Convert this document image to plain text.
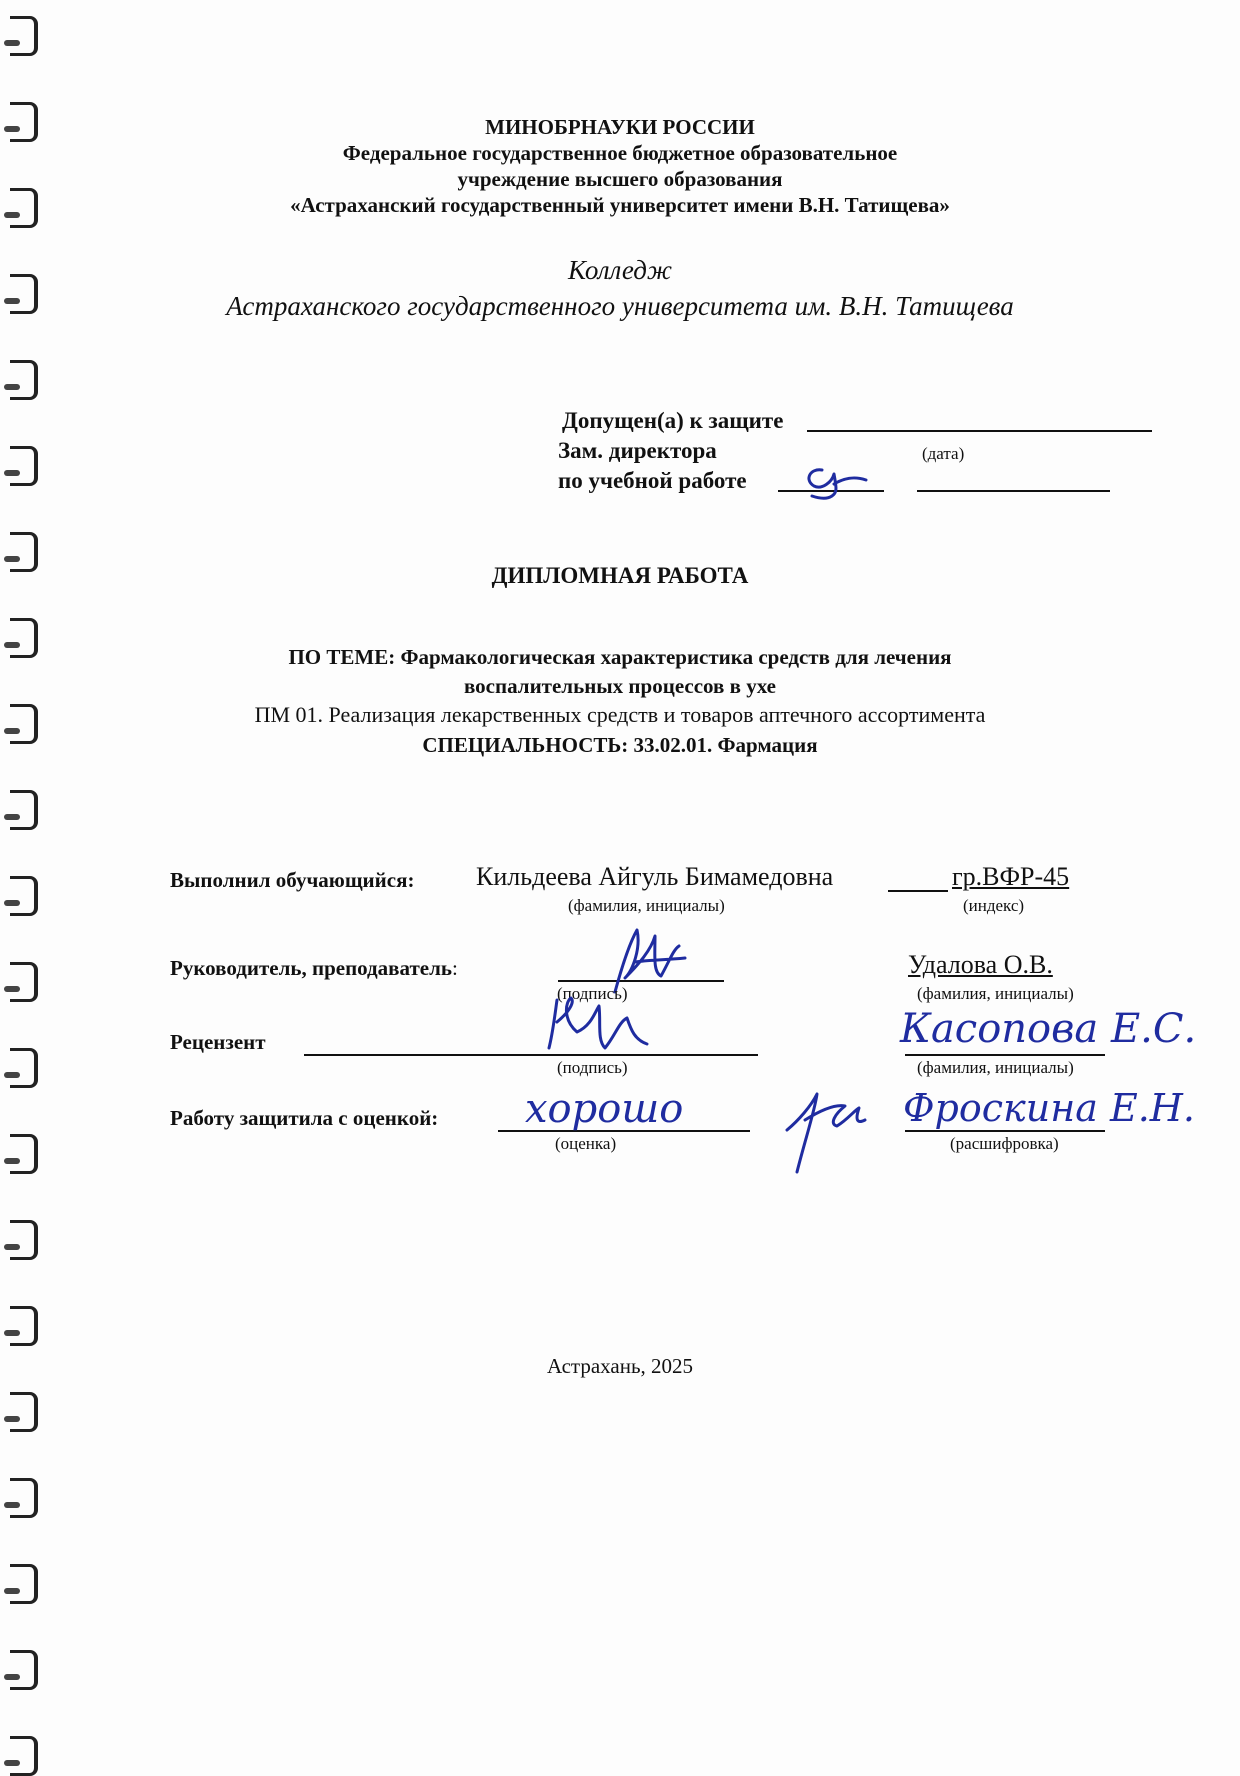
МИНОБРНАУКИ РОССИИ
Федеральное государственное бюджетное образовательное
учреждение высшего образования
«Астраханский государственный университет имени В.Н. Татищева»
Колледж
Астраханского государственного университета им. В.Н. Татищева
Допущен(а) к защите
Зам. директора	(дата)
по учебной работе
ДИПЛОМНАЯ РАБОТА
ПО ТЕМЕ: Фармакологическая характеристика средств для лечения
воспалительных процессов в ухе
ПМ 01. Реализация лекарственных средств и товаров аптечного ассортимента
СПЕЦИАЛЬНОСТЬ: 33.02.01. Фармация
Выполнил обучающийся: Кильдеева Айгуль Бимамедовна	гр.ВФР-45
(фамилия, инициалы)	(индекс)
Руководитель, преподаватель:	Удалова О.В.
(подпись)	(фамилия, инициалы)
Рецензент	Касопова Е.С.
(подпись)	(фамилия, инициалы)
Работу защитила с оценкой: хорошо	Фроскина Е.Н.
(оценка)	(расшифровка)
Астрахань, 2025
